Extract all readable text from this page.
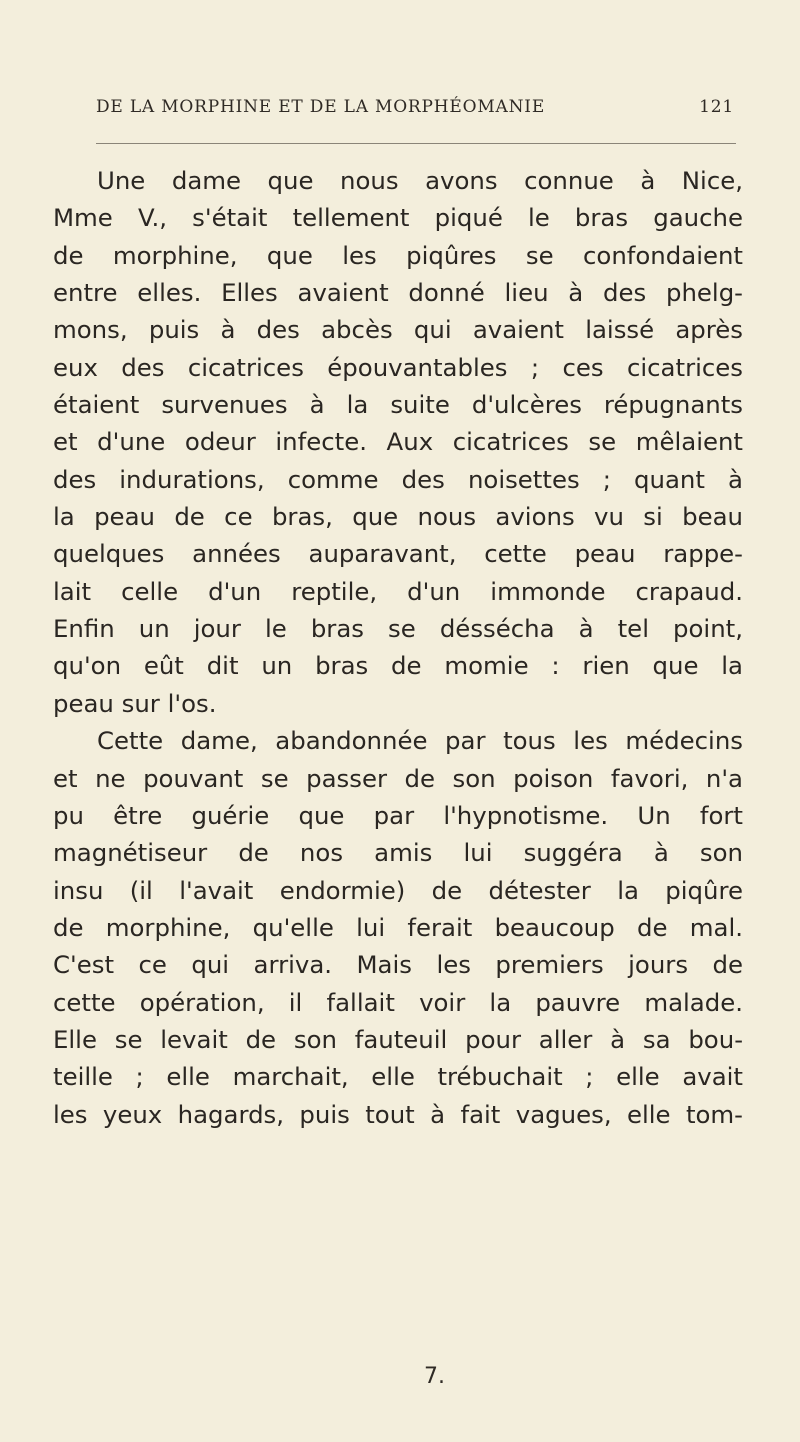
DE LA MORPHINE ET DE LA MORPHÉOMANIE	121
Une dame que nous avons connue à Nice,
Mme V., s'était tellement piqué le bras gauche
de morphine, que les piqûres se confondaient
entre elles. Elles avaient donné lieu à des phelg-
mons, puis à des abcès qui avaient laissé après
eux des cicatrices épouvantables ; ces cicatrices
étaient survenues à la suite d'ulcères répugnants
et d'une odeur infecte. Aux cicatrices se mêlaient
des indurations, comme des noisettes ; quant à
la peau de ce bras, que nous avions vu si beau
quelques années auparavant, cette peau rappe-
lait celle d'un reptile, d'un immonde crapaud.
Enfin un jour le bras se déssécha à tel point,
qu'on eût dit un bras de momie : rien que la
peau sur l'os.
Cette dame, abandonnée par tous les médecins
et ne pouvant se passer de son poison favori, n'a
pu être guérie que par l'hypnotisme. Un fort
magnétiseur de nos amis lui suggéra à son
insu (il l'avait endormie) de détester la piqûre
de morphine, qu'elle lui ferait beaucoup de mal.
C'est ce qui arriva. Mais les premiers jours de
cette opération, il fallait voir la pauvre malade.
Elle se levait de son fauteuil pour aller à sa bou-
teille ; elle marchait, elle trébuchait ; elle avait
les yeux hagards, puis tout à fait vagues, elle tom-
7.
